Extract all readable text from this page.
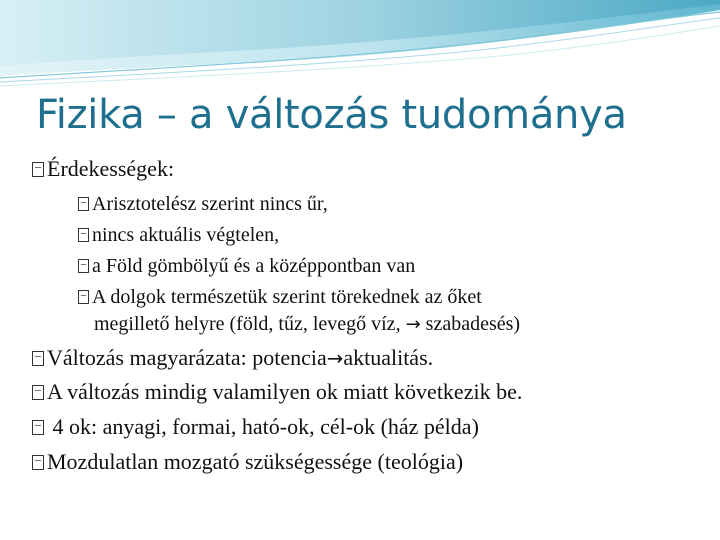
Fizika – a változás tudománya
Érdekességek:
Arisztotelész szerint nincs űr,
nincs aktuális végtelen,
a Föld gömbölyű és a középpontban van
A dolgok természetük szerint törekednek az őket
megillető helyre (föld, tűz, levegő víz, → szabadesés)
Változás magyarázata: potencia→aktualitás.
A változás mindig valamilyen ok miatt következik be.
4 ok: anyagi, formai, ható-ok, cél-ok (ház példa)
Mozdulatlan mozgató szükségessége (teológia)
